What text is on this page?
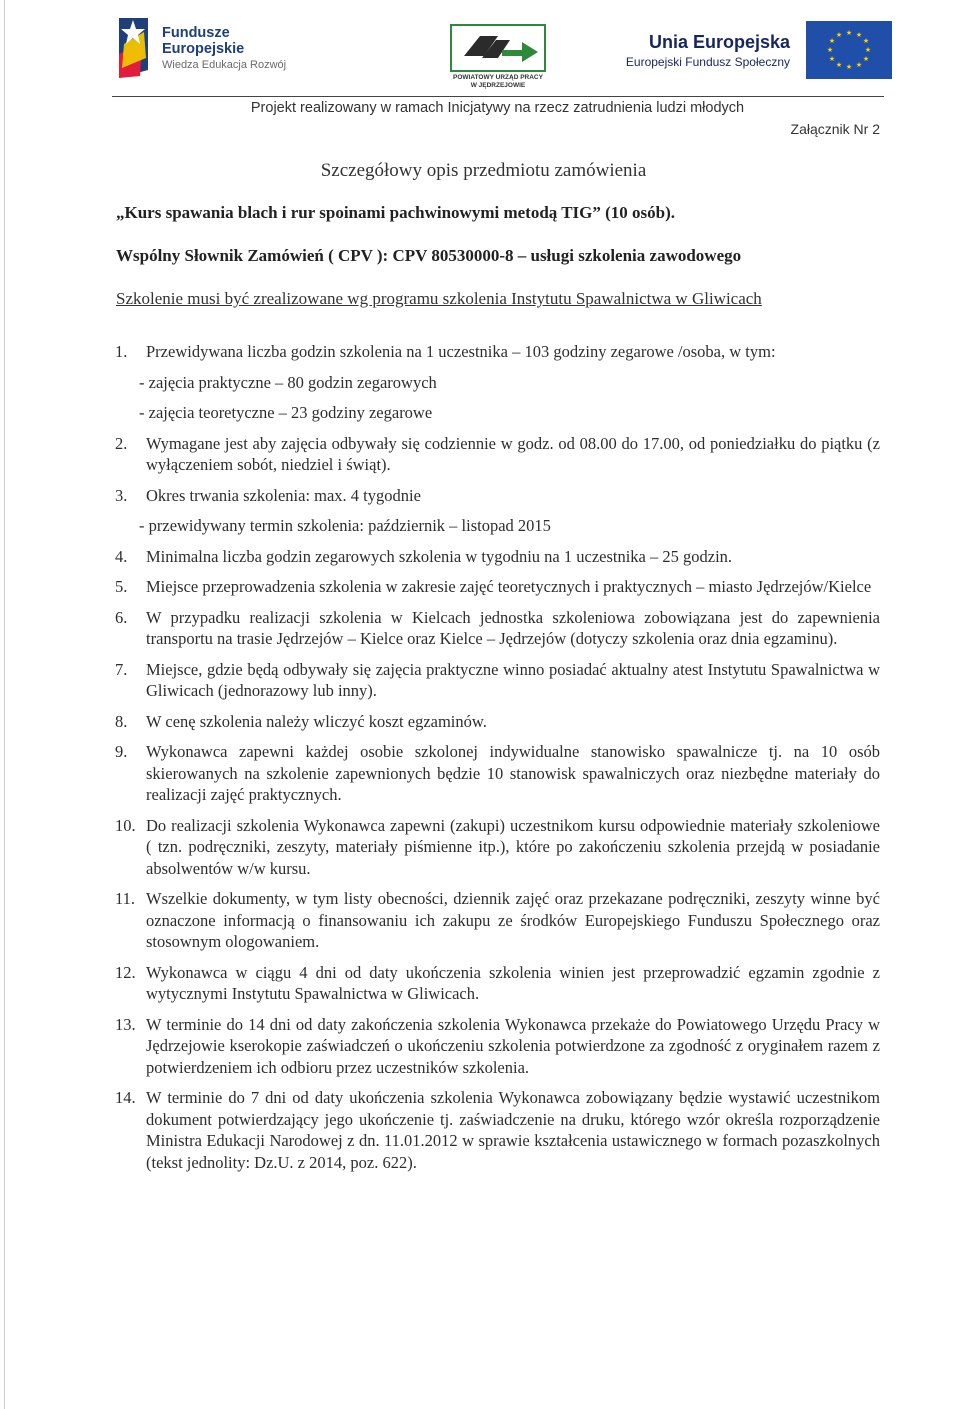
Fundusze
Europejskie
Wiedza Edukacja Rozwój
POWIATOWY URZĄD PRACY
W JĘDRZEJOWIE
Unia Europejska
Europejski Fundusz Społeczny
★ ★
★
★
★
★
★
★
★
★
★
★
Projekt realizowany w ramach Inicjatywy na rzecz zatrudnienia ludzi młodych
Załącznik Nr 2
Szczegółowy opis przedmiotu zamówienia
„Kurs spawania blach i rur spoinami pachwinowymi metodą TIG” (10 osób).
Wspólny Słownik Zamówień ( CPV ): CPV 80530000-8 – usługi szkolenia zawodowego
Szkolenie musi być zrealizowane wg programu szkolenia Instytutu Spawalnictwa w Gliwicach
1. Przewidywana liczba godzin szkolenia na 1 uczestnika – 103 godziny zegarowe /osoba, w tym:
- zajęcia praktyczne – 80 godzin zegarowych
- zajęcia teoretyczne – 23 godziny zegarowe
2. Wymagane jest aby zajęcia odbywały się codziennie w godz. od 08.00 do 17.00, od poniedziałku do piątku (z wyłączeniem sobót, niedziel i świąt).
3. Okres trwania szkolenia: max. 4 tygodnie
- przewidywany termin szkolenia: październik – listopad 2015
4. Minimalna liczba godzin zegarowych szkolenia w tygodniu na 1 uczestnika – 25 godzin.
5. Miejsce przeprowadzenia szkolenia w zakresie zajęć teoretycznych i praktycznych – miasto Jędrzejów/Kielce
6. W przypadku realizacji szkolenia w Kielcach jednostka szkoleniowa zobowiązana jest do zapewnienia transportu na trasie Jędrzejów – Kielce oraz Kielce – Jędrzejów (dotyczy szkolenia oraz dnia egzaminu).
7. Miejsce, gdzie będą odbywały się zajęcia praktyczne winno posiadać aktualny atest Instytutu Spawalnictwa w Gliwicach (jednorazowy lub inny).
8. W cenę szkolenia należy wliczyć koszt egzaminów.
9. Wykonawca zapewni każdej osobie szkolonej indywidualne stanowisko spawalnicze tj. na 10 osób skierowanych na szkolenie zapewnionych będzie 10 stanowisk spawalniczych oraz niezbędne materiały do realizacji zajęć praktycznych.
10. Do realizacji szkolenia Wykonawca zapewni (zakupi) uczestnikom kursu odpowiednie materiały szkoleniowe ( tzn. podręczniki, zeszyty, materiały piśmienne itp.), które po zakończeniu szkolenia przejdą w posiadanie absolwentów w/w kursu.
11. Wszelkie dokumenty, w tym listy obecności, dziennik zajęć oraz przekazane podręczniki, zeszyty winne być oznaczone informacją o finansowaniu ich zakupu ze środków Europejskiego Funduszu Społecznego oraz stosownym ologowaniem.
12. Wykonawca w ciągu 4 dni od daty ukończenia szkolenia winien jest przeprowadzić egzamin zgodnie z wytycznymi Instytutu Spawalnictwa w Gliwicach.
13. W terminie do 14 dni od daty zakończenia szkolenia Wykonawca przekaże do Powiatowego Urzędu Pracy w Jędrzejowie kserokopie zaświadczeń o ukończeniu szkolenia potwierdzone za zgodność z oryginałem razem z potwierdzeniem ich odbioru przez uczestników szkolenia.
14. W terminie do 7 dni od daty ukończenia szkolenia Wykonawca zobowiązany będzie wystawić uczestnikom dokument potwierdzający jego ukończenie tj. zaświadczenie na druku, którego wzór określa rozporządzenie Ministra Edukacji Narodowej z dn. 11.01.2012 w sprawie kształcenia ustawicznego w formach pozaszkolnych (tekst jednolity: Dz.U. z 2014, poz. 622).
